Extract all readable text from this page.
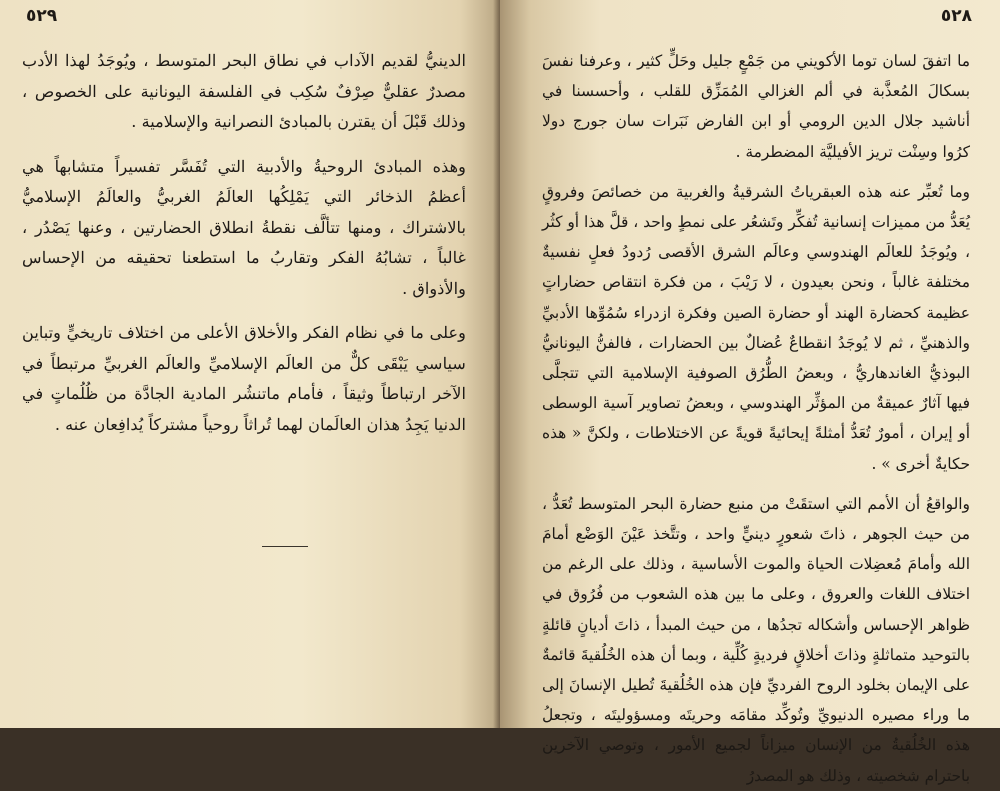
٥٢٩

الدينيُّ لقديم الآداب في نطاق البحر المتوسط ، ويُوجَدُ لهذا الأدب مصدرٌ عقليٌّ صِرْفٌ سُكِب في الفلسفة اليونانية على الخصوص ، وذلك قَبْلَ أن يقترن بالمبادئ النصرانية والإسلامية .

وهذه المبادئ الروحيةُ والأدبية التي تُفَسَّر تفسيراً متشابهاً هي أعظمُ الذخائر التي يَمْلِكُها العالَمُ الغربيُّ والعالَمُ الإسلاميُّ بالاشتراك ، ومنها تتألَّف نقطةُ انطلاق الحضارتين ، وعنها يَصْدُر ، غالباً ، تشابُهُ الفكر وتقاربُ ما استطعنا تحقيقه من الإحساس والأذواق .

وعلى ما في نظام الفكر والأخلاق الأعلى من اختلاف تاريخيٍّ وتباين سياسي يَبْقَى كلٌّ من العالَم الإسلاميِّ والعالَم الغربيِّ مرتبطاً في الآخر ارتباطاً وثيقاً ، فأمام ماتنشُر المادية الجادَّة من ظُلُماتٍ في الدنيا يَجِدُ هذان العالَمان لهما تُراثاً روحياً مشتركاً يُدافِعان عنه .

٥٢٨

ما اتفقَ لسان توما الأكويني من جَمْعٍ جليل وحَلٍّ كثير ، وعرفنا نفسَ بسكالَ المُعذَّبة في ألم الغزالي المُمَزِّق للقلب ، وأحسسنا في أناشيد جلال الدين الرومي أو ابن الفارض نَبَرات سان جورج دولا كرُوا وسِنْت تريز الأفيليَّة المضطرمة .

وما تُعبِّر عنه هذه العبقرياتُ الشرقيةُ والغربية من خصائصَ وفروقٍ يُعَدُّ من مميزات إنسانية تُفكِّر وتَشعُر على نمطٍ واحد ، قلَّ هذا أو كثُر ، ويُوجَدُ للعالَم الهندوسي وعالَم الشرق الأقصى رُدودُ فعلٍ نفسيةٌ مختلفة غالباً ، ونحن بعيدون ، لا رَيْبَ ، من فكرة انتقاص حضاراتٍ عظيمة كحضارة الهند أو حضارة الصين وفكرة ازدراء سُمُوِّها الأدبيِّ والذهنيِّ ، ثم لا يُوجَدُ انقطاعٌ عُضالٌ بين الحضارات ، فالفنُّ اليونانيُّ البوذيُّ الغاندهاريُّ ، وبعضُ الطُّرُق الصوفية الإسلامية التي تتجلَّى فيها آثارٌ عميقةٌ من المؤثِّر الهندوسي ، وبعضُ تصاوير آسية الوسطى أو إيران ، أمورٌ تُعَدُّ أمثلةً إيحائيةً قويةً عن الاختلاطات ، ولكنَّ « هذه حكايةٌ أخرى » .

والواقعُ أن الأمم التي استقَتْ من منبع حضارة البحر المتوسط تُعَدُّ ، من حيث الجوهر ، ذاتَ شعورٍ دينيٍّ واحد ، وتتَّخذ عَيْنَ الوَضْع أمامَ الله وأمامَ مُعضِلات الحياة والموت الأساسية ، وذلك على الرغم من اختلاف اللغات والعروق ، وعلى ما بين هذه الشعوب من فُرُوق في ظواهر الإحساس وأشكاله تجدُها ، من حيث المبدأ ، ذاتَ أديانٍ قائلةٍ بالتوحيد متماثلةٍ وذاتَ أخلاقٍ فرديةٍ كُلِّية ، وبما أن هذه الخُلُقيةَ قائمةٌ على الإيمان بخلود الروح الفرديِّ فإن هذه الخُلُقيةَ تُطيل الإنسانَ إلى ما وراء مصيره الدنيويِّ وتُوكِّد مقامَه وحريتَه ومسؤوليتَه ، وتجعلُ هذه الخُلُقيةُ من الإنسان ميزاناً لجميع الأمور ، وتوصي الآخرين باحترام شخصيته ، وذلك هو المصدرُ
